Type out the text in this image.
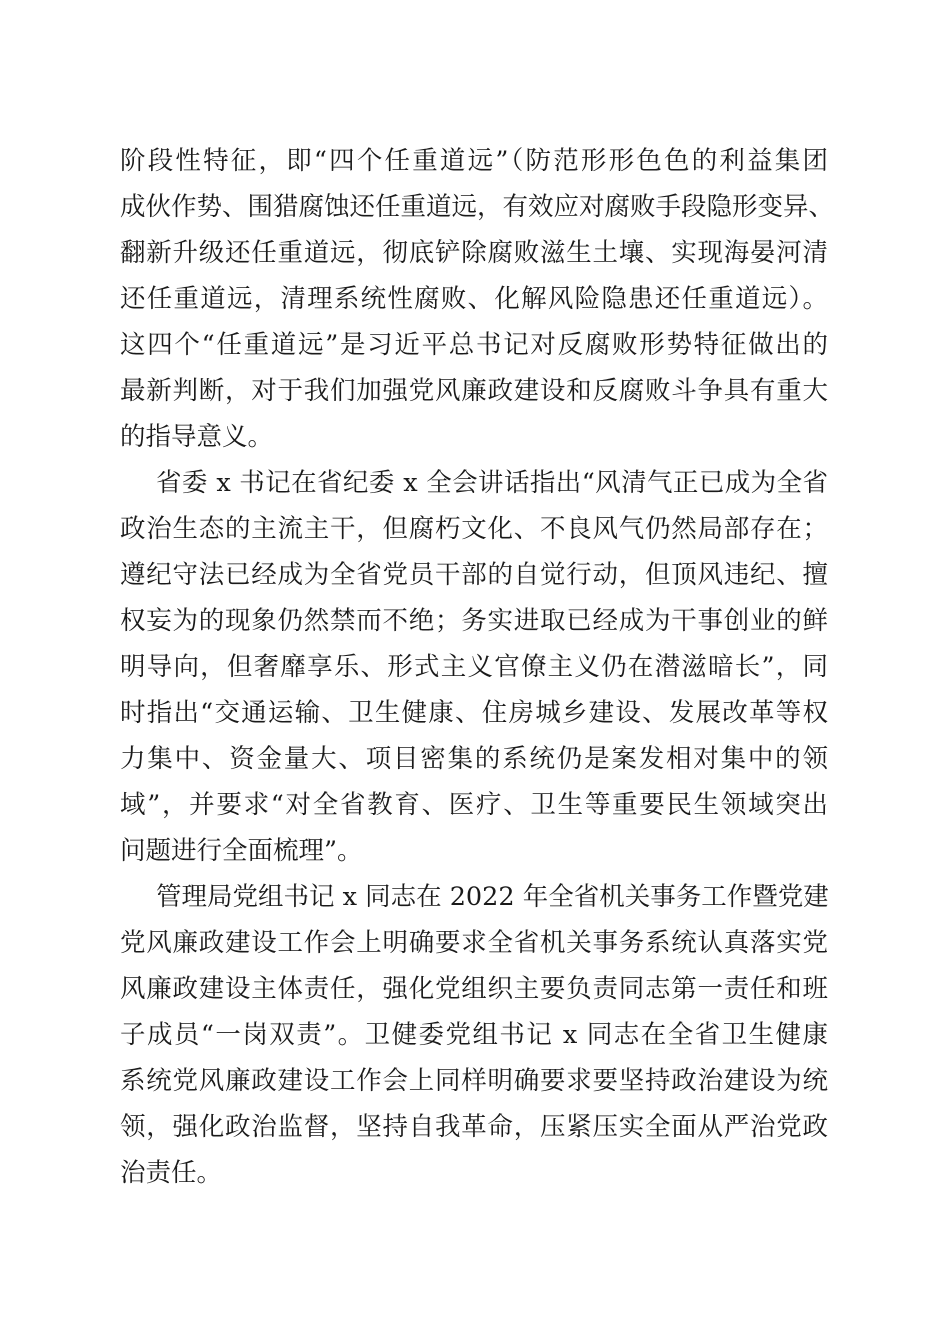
阶段性特征，即“四个任重道远”（防范形形色色的利益集团
成伙作势、围猎腐蚀还任重道远，有效应对腐败手段隐形变异、
翻新升级还任重道远，彻底铲除腐败滋生土壤、实现海晏河清
还任重道远，清理系统性腐败、化解风险隐患还任重道远）。
这四个“任重道远”是习近平总书记对反腐败形势特征做出的
最新判断，对于我们加强党风廉政建设和反腐败斗争具有重大
的指导意义。
省委 x 书记在省纪委 x 全会讲话指出“风清气正已成为全省
政治生态的主流主干，但腐朽文化、不良风气仍然局部存在；
遵纪守法已经成为全省党员干部的自觉行动，但顶风违纪、擅
权妄为的现象仍然禁而不绝；务实进取已经成为干事创业的鲜
明导向，但奢靡享乐、形式主义官僚主义仍在潜滋暗长”，同
时指出“交通运输、卫生健康、住房城乡建设、发展改革等权
力集中、资金量大、项目密集的系统仍是案发相对集中的领
域”，并要求“对全省教育、医疗、卫生等重要民生领域突出
问题进行全面梳理”。
管理局党组书记 x 同志在 2022 年全省机关事务工作暨党建
党风廉政建设工作会上明确要求全省机关事务系统认真落实党
风廉政建设主体责任，强化党组织主要负责同志第一责任和班
子成员“一岗双责”。卫健委党组书记 x 同志在全省卫生健康
系统党风廉政建设工作会上同样明确要求要坚持政治建设为统
领，强化政治监督，坚持自我革命，压紧压实全面从严治党政
治责任。
